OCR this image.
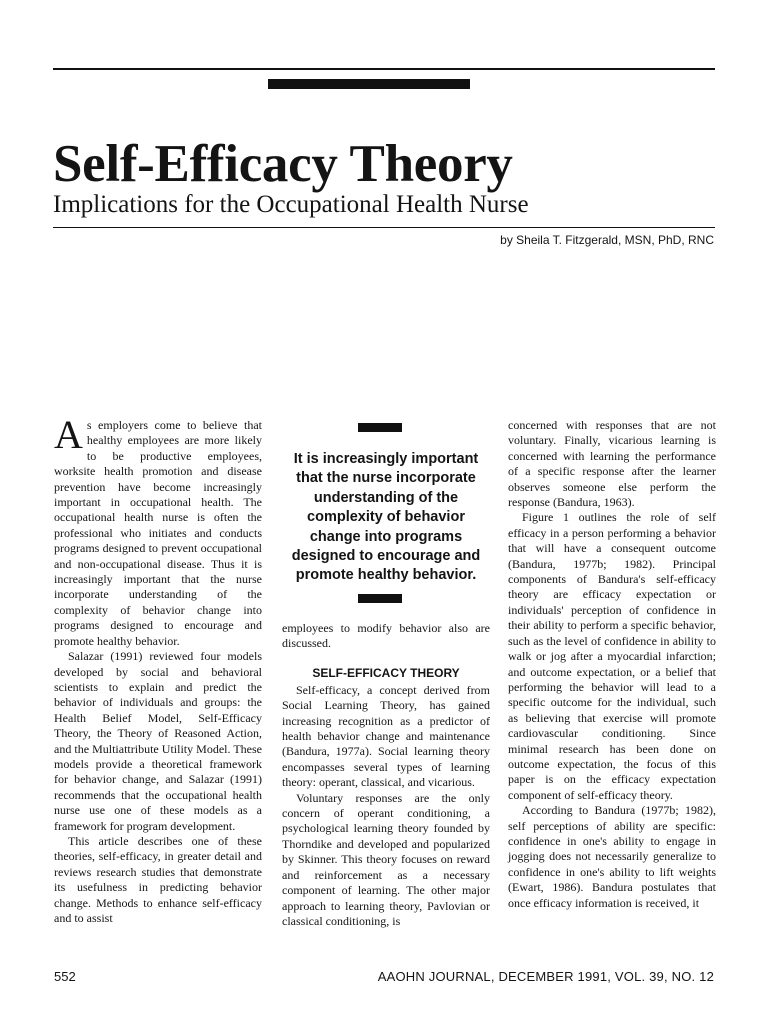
Self-Efficacy Theory
Implications for the Occupational Health Nurse
by Sheila T. Fitzgerald, MSN, PhD, RNC

As employers come to believe that healthy employees are more likely to be productive employees, worksite health promotion and disease prevention have become increasingly important in occupational health. The occupational health nurse is often the professional who initiates and conducts programs designed to prevent occupational and non-occupational disease. Thus it is increasingly important that the nurse incorporate understanding of the complexity of behavior change into programs designed to encourage and promote healthy behavior.

Salazar (1991) reviewed four models developed by social and behavioral scientists to explain and predict the behavior of individuals and groups: the Health Belief Model, Self-Efficacy Theory, the Theory of Reasoned Action, and the Multiattribute Utility Model. These models provide a theoretical framework for behavior change, and Salazar (1991) recommends that the occupational health nurse use one of these models as a framework for program development.

This article describes one of these theories, self-efficacy, in greater detail and reviews research studies that demonstrate its usefulness in predicting behavior change. Methods to enhance self-efficacy and to assist

It is increasingly important that the nurse incorporate understanding of the complexity of behavior change into programs designed to encourage and promote healthy behavior.

employees to modify behavior also are discussed.

SELF-EFFICACY THEORY

Self-efficacy, a concept derived from Social Learning Theory, has gained increasing recognition as a predictor of health behavior change and maintenance (Bandura, 1977a). Social learning theory encompasses several types of learning theory: operant, classical, and vicarious.

Voluntary responses are the only concern of operant conditioning, a psychological learning theory founded by Thorndike and developed and popularized by Skinner. This theory focuses on reward and reinforcement as a necessary component of learning. The other major approach to learning theory, Pavlovian or classical conditioning, is

concerned with responses that are not voluntary. Finally, vicarious learning is concerned with learning the performance of a specific response after the learner observes someone else perform the response (Bandura, 1963).

Figure 1 outlines the role of self efficacy in a person performing a behavior that will have a consequent outcome (Bandura, 1977b; 1982). Principal components of Bandura's self-efficacy theory are efficacy expectation or individuals' perception of confidence in their ability to perform a specific behavior, such as the level of confidence in ability to walk or jog after a myocardial infarction; and outcome expectation, or a belief that performing the behavior will lead to a specific outcome for the individual, such as believing that exercise will promote cardiovascular conditioning. Since minimal research has been done on outcome expectation, the focus of this paper is on the efficacy expectation component of self-efficacy theory.

According to Bandura (1977b; 1982), self perceptions of ability are specific: confidence in one's ability to engage in jogging does not necessarily generalize to confidence in one's ability to lift weights (Ewart, 1986). Bandura postulates that once efficacy information is received, it

552	AAOHN JOURNAL, DECEMBER 1991, VOL. 39, NO. 12
